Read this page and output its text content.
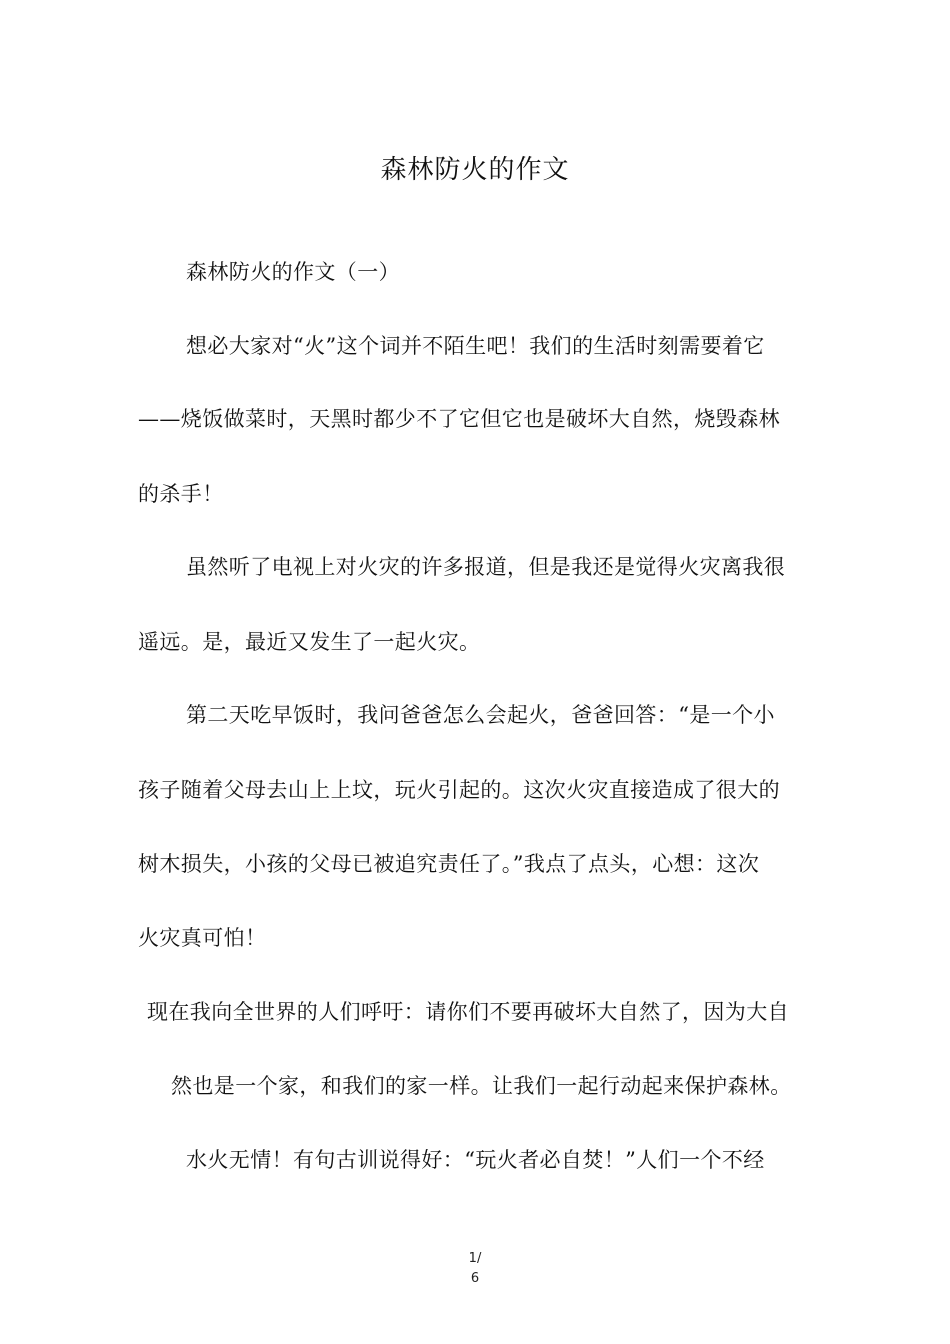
森林防火的作文
森林防火的作文（一）
想必大家对“火”这个词并不陌生吧！我们的生活时刻需要着它
——烧饭做菜时，天黑时都少不了它但它也是破坏大自然，烧毁森林
的杀手！
虽然听了电视上对火灾的许多报道，但是我还是觉得火灾离我很
遥远。是，最近又发生了一起火灾。
第二天吃早饭时，我问爸爸怎么会起火，爸爸回答：“是一个小
孩子随着父母去山上上坟，玩火引起的。这次火灾直接造成了很大的
树木损失，小孩的父母已被追究责任了。”我点了点头，心想：这次
火灾真可怕！
现在我向全世界的人们呼吁：请你们不要再破坏大自然了，因为大自
然也是一个家，和我们的家一样。让我们一起行动起来保护森林。
水火无情！有句古训说得好：“玩火者必自焚！”人们一个不经
1/
6
